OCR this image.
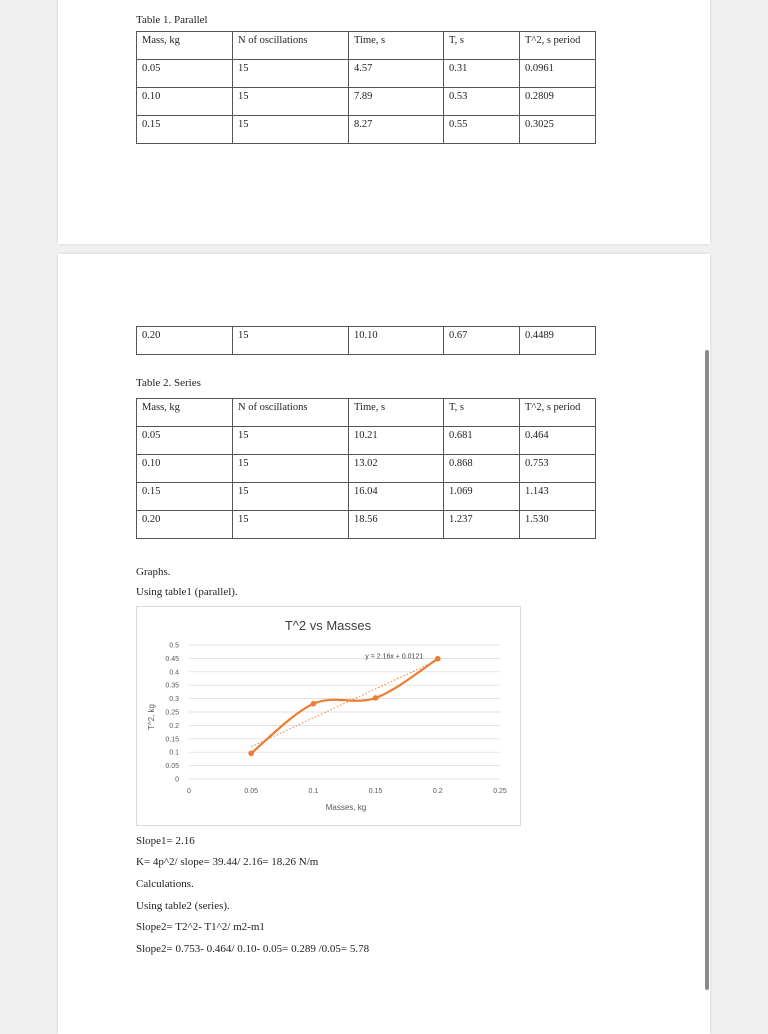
Table 1. Parallel
Mass, kg	N of oscillations	Time, s	T, s	T^2, s period
0.05	15	4.57	0.31	0.0961
0.10	15	7.89	0.53	0.2809
0.15	15	8.27	0.55	0.3025
0.20	15	10.10	0.67	0.4489
Table 2. Series
Mass, kg	N of oscillations	Time, s	T, s	T^2, s period
0.05	15	10.21	0.681	0.464
0.10	15	13.02	0.868	0.753
0.15	15	16.04	1.069	1.143
0.20	15	18.56	1.237	1.530
Graphs.
Using table1 (parallel).
T^2 vs Masses
0
0.05
0.1
0.15
0.2
0.25
0.3
0.35
0.4
0.45
0.5
0	0.05	0.1	0.15	0.2	0.25
y = 2.16x + 0.0121
Masses, kg
T^2, kg
Slope1= 2.16
K= 4p^2/ slope= 39.44/ 2.16= 18.26 N/m
Calculations.
Using table2 (series).
Slope2= T2^2- T1^2/ m2-m1
Slope2= 0.753- 0.464/ 0.10- 0.05= 0.289 /0.05= 5.78
